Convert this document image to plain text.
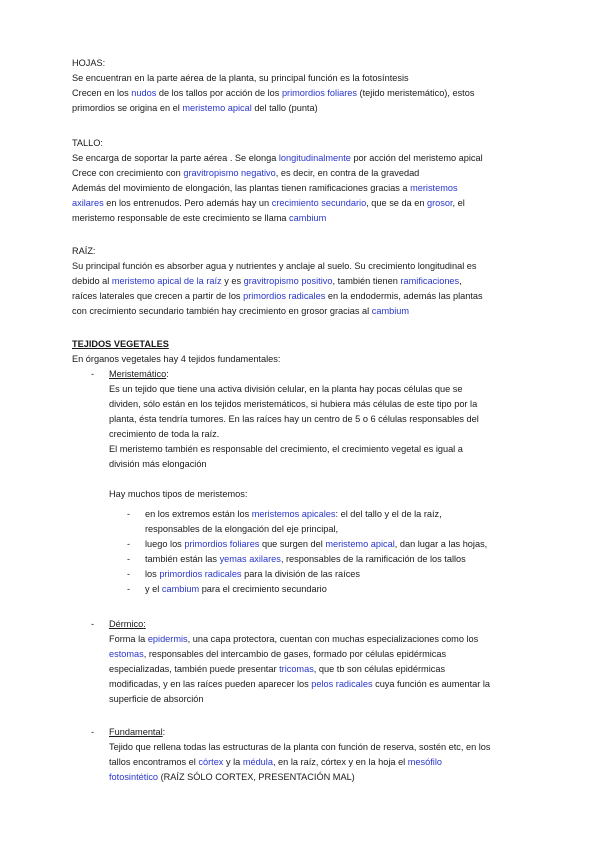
HOJAS:
Se encuentran en la parte aérea de la planta, su principal función es la fotosíntesis
Crecen en los nudos de los tallos por acción de los primordios foliares (tejido meristemático), estos
primordios se origina en el meristemo apical del tallo (punta)
TALLO:
Se encarga de soportar la parte aérea . Se elonga longitudinalmente por acción del meristemo apical
Crece con crecimiento con gravitropismo negativo, es decir, en contra de la gravedad
Además del movimiento de elongación, las plantas tienen ramificaciones gracias a meristemos
axilares en los entrenudos. Pero además hay un crecimiento secundario, que se da en grosor, el
meristemo responsable de este crecimiento se llama cambium
RAÍZ:
Su principal función es absorber agua y nutrientes y anclaje al suelo. Su crecimiento longitudinal es
debido al meristemo apical de la raíz y es gravitropismo positivo, también tienen ramificaciones,
raíces laterales que crecen a partir de los primordios radicales en la endodermis, además las plantas
con crecimiento secundario también hay crecimiento en grosor gracias al cambium
TEJIDOS VEGETALES
En órganos vegetales hay 4 tejidos fundamentales:
- Meristemático:
Es un tejido que tiene una activa división celular, en la planta hay pocas células que se
dividen, sólo están en los tejidos meristemáticos, si hubiera más células de este tipo por la
planta, ésta tendría tumores. En las raíces hay un centro de 5 o 6 células responsables del
crecimiento de toda la raíz.
El meristemo también es responsable del crecimiento, el crecimiento vegetal es igual a
división más elongación
Hay muchos tipos de meristemos:
- en los extremos están los meristemos apicales: el del tallo y el de la raíz,
responsables de la elongación del eje principal,
- luego los primordios foliares que surgen del meristemo apical, dan lugar a las hojas,
- también están las yemas axilares, responsables de la ramificación de los tallos
- los primordios radicales para la división de las raíces
- y el cambium para el crecimiento secundario
- Dérmico:
Forma la epidermis, una capa protectora, cuentan con muchas especializaciones como los
estomas, responsables del intercambio de gases, formado por células epidérmicas
especializadas, también puede presentar tricomas, que tb son células epidérmicas
modificadas, y en las raíces pueden aparecer los pelos radicales cuya función es aumentar la
superficie de absorción
- Fundamental:
Tejido que rellena todas las estructuras de la planta con función de reserva, sostén etc, en los
tallos encontramos el córtex y la médula, en la raíz, córtex y en la hoja el mesófilo
fotosintético (RAÍZ SÓLO CORTEX, PRESENTACIÓN MAL)
